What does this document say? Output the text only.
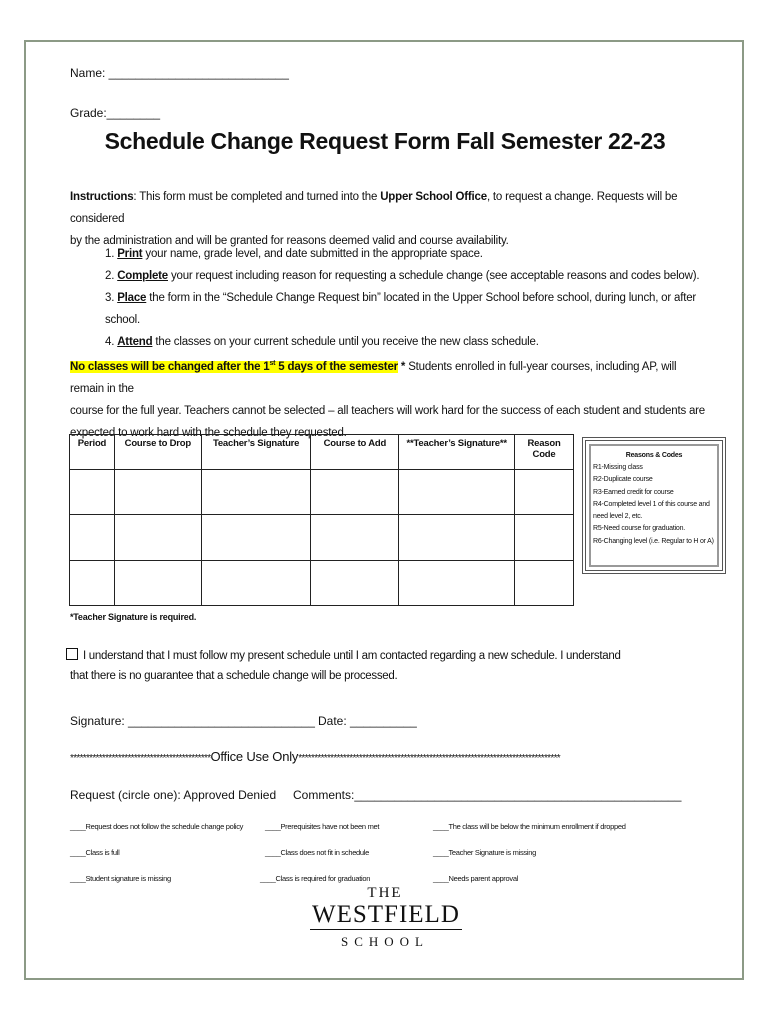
Name: ___________________________
Grade:________
Schedule Change Request Form Fall Semester 22-23
Instructions: This form must be completed and turned into the Upper School Office, to request a change. Requests will be considered
by the administration and will be granted for reasons deemed valid and course availability.
1. Print your name, grade level, and date submitted in the appropriate space.
2. Complete your request including reason for requesting a schedule change (see acceptable reasons and codes below).
3. Place the form in the “Schedule Change Request bin” located in the Upper School before school, during lunch, or after
school.
4. Attend the classes on your current schedule until you receive the new class schedule.
No classes will be changed after the 1st 5 days of the semester * Students enrolled in full-year courses, including AP, will remain in the
course for the full year. Teachers cannot be selected – all teachers will work hard for the success of each student and students are
expected to work hard with the schedule they requested.
Period	Course to Drop	Teacher’s Signature	Course to Add	**Teacher’s Signature**	Reason Code

						Reasons & Codes
R1-Missing class
R2-Duplicate course
R3-Earned credit for course
R4-Completed level 1 of this course and need level 2, etc.
R5-Need course for graduation.
R6-Changing level (i.e. Regular to H or A)
*Teacher Signature is required.
I understand that I must follow my present schedule until I am contacted regarding a new schedule. I understand
that there is no guarantee that a schedule change will be processed.
Signature: ____________________________ Date: __________
********************************************Office Use Only**********************************************************************************
Request (circle one): Approved Denied Comments:_________________________________________________
____Request does not follow the schedule change policy	____Prerequisites have not been met	____The class will be below the minimum enrollment if dropped
____Class is full	____Class does not fit in schedule	____Teacher Signature is missing
____Student signature is missing	____Class is required for graduation	____Needs parent approval
THE
WESTFIELD
SCHOOL
